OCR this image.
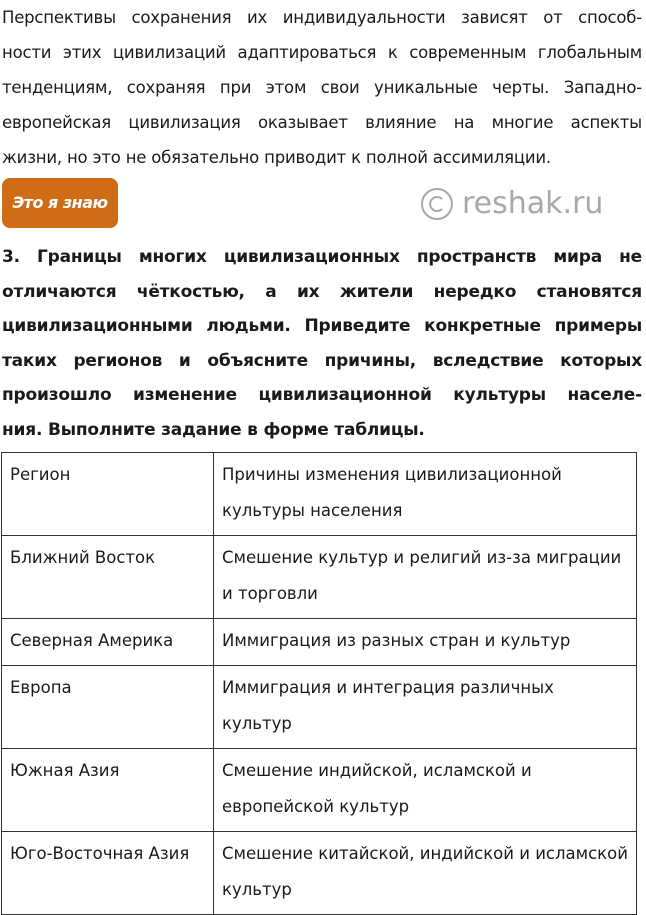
Перспективы сохранения их индивидуальности зависят от способ-
ности этих цивилизаций адаптироваться к современным глобальным
тенденциям, сохраняя при этом свои уникальные черты. Западно-
европейская цивилизация оказывает влияние на многие аспекты
жизни, но это не обязательно приводит к полной ассимиляции.
Это я знаю	reshak.ru
3. Границы многих цивилизационных пространств мира не
отличаются чёткостью, а их жители нередко становятся
цивилизационными людьми. Приведите конкретные примеры
таких регионов и объясните причины, вследствие которых
произошло изменение цивилизационной культуры населе-
ния. Выполните задание в форме таблицы.
Регион	Причины изменения цивилизационной культуры населения
Ближний Восток	Смешение культур и религий из-за миграции и торговли
Северная Америка	Иммиграция из разных стран и культур
Европа	Иммиграция и интеграция различных культур
Южная Азия	Смешение индийской, исламской и европейской культур
Юго-Восточная Азия	Смешение китайской, индийской и исламской культур
